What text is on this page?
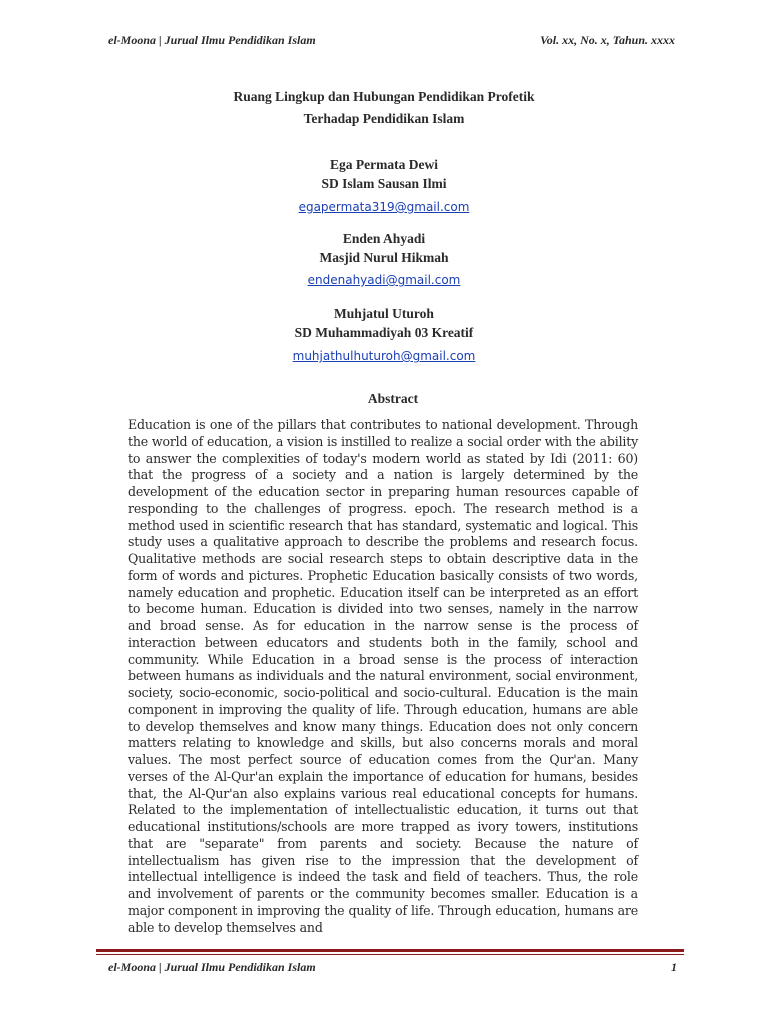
el-Moona | Jurual Ilmu Pendidikan Islam	Vol. xx, No. x, Tahun. xxxx
Ruang Lingkup dan Hubungan Pendidikan Profetik
Terhadap Pendidikan Islam
Ega Permata Dewi
SD Islam Sausan Ilmi
egapermata319@gmail.com
Enden Ahyadi
Masjid Nurul Hikmah
endenahyadi@gmail.com
Muhjatul Uturoh
SD Muhammadiyah 03 Kreatif
muhjathulhuturoh@gmail.com
Abstract

Education is one of the pillars that contributes to national development. Through the world of education, a vision is instilled to realize a social order with the ability to answer the complexities of today's modern world as stated by Idi (2011: 60) that the progress of a society and a nation is largely determined by the development of the education sector in preparing human resources capable of responding to the challenges of progress. epoch. The research method is a method used in scientific research that has standard, systematic and logical. This study uses a qualitative approach to describe the problems and research focus. Qualitative methods are social research steps to obtain descriptive data in the form of words and pictures. Prophetic Education basically consists of two words, namely education and prophetic. Education itself can be interpreted as an effort to become human. Education is divided into two senses, namely in the narrow and broad sense. As for education in the narrow sense is the process of interaction between educators and students both in the family, school and community. While Education in a broad sense is the process of interaction between humans as individuals and the natural environment, social environment, society, socio-economic, socio-political and socio-cultural. Education is the main component in improving the quality of life. Through education, humans are able to develop themselves and know many things. Education does not only concern matters relating to knowledge and skills, but also concerns morals and moral values. The most perfect source of education comes from the Qur'an. Many verses of the Al-Qur'an explain the importance of education for humans, besides that, the Al-Qur'an also explains various real educational concepts for humans. Related to the implementation of intellectualistic education, it turns out that educational institutions/schools are more trapped as ivory towers, institutions that are "separate" from parents and society. Because the nature of intellectualism has given rise to the impression that the development of intellectual intelligence is indeed the task and field of teachers. Thus, the role and involvement of parents or the community becomes smaller. Education is a major component in improving the quality of life. Through education, humans are able to develop themselves and

el-Moona | Jurual Ilmu Pendidikan Islam	1
